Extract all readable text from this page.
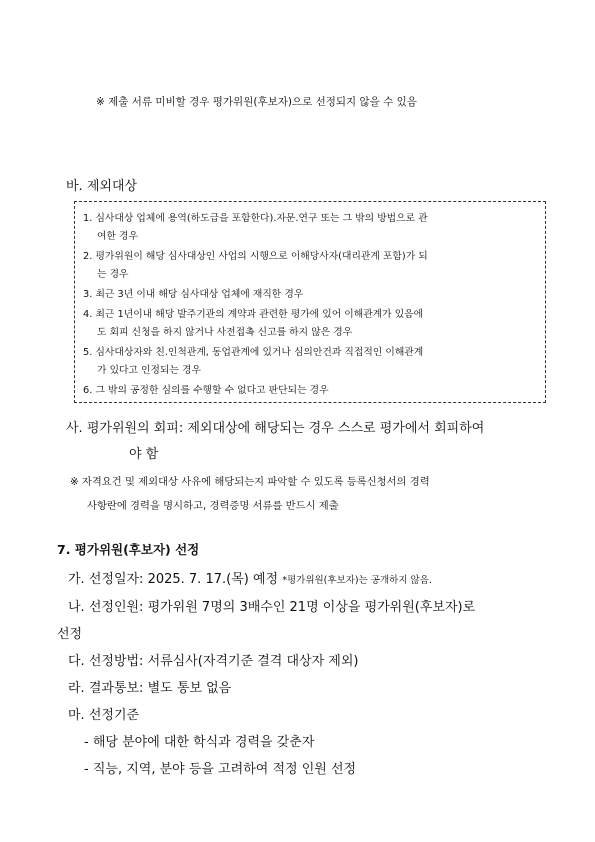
※ 제출 서류 미비할 경우 평가위원(후보자)으로 선정되지 않을 수 있음
바. 제외대상
1. 심사대상 업체에 용역(하도급을 포함한다).자문.연구 또는 그 밖의 방법으로 관
여한 경우
2. 평가위원이 해당 심사대상인 사업의 시행으로 이해당사자(대리관계 포함)가 되
는 경우
3. 최근 3년 이내 해당 심사대상 업체에 재직한 경우
4. 최근 1년이내 해당 발주기관의 계약과 관련한 평가에 있어 이해관계가 있음에
도 회피 신청을 하지 않거나 사전접촉 신고를 하지 않은 경우
5. 심사대상자와 친.인척관계, 동업관계에 있거나 심의안건과 직접적인 이해관계
가 있다고 인정되는 경우
6. 그 밖의 공정한 심의를 수행할 수 없다고 판단되는 경우
사. 평가위원의 회피: 제외대상에 해당되는 경우 스스로 평가에서 회피하여
야 함
※ 자격요건 및 제외대상 사유에 해당되는지 파악할 수 있도록 등록신청서의 경력
사항란에 경력을 명시하고, 경력증명 서류를 반드시 제출
7. 평가위원(후보자) 선정
가. 선정일자: 2025. 7. 17.(목) 예정 *평가위원(후보자)는 공개하지 않음.
나. 선정인원: 평가위원 7명의 3배수인 21명 이상을 평가위원(후보자)로
선정
다. 선정방법: 서류심사(자격기준 결격 대상자 제외)
라. 결과통보: 별도 통보 없음
마. 선정기준
- 해당 분야에 대한 학식과 경력을 갖춘자
- 직능, 지역, 분야 등을 고려하여 적정 인원 선정
